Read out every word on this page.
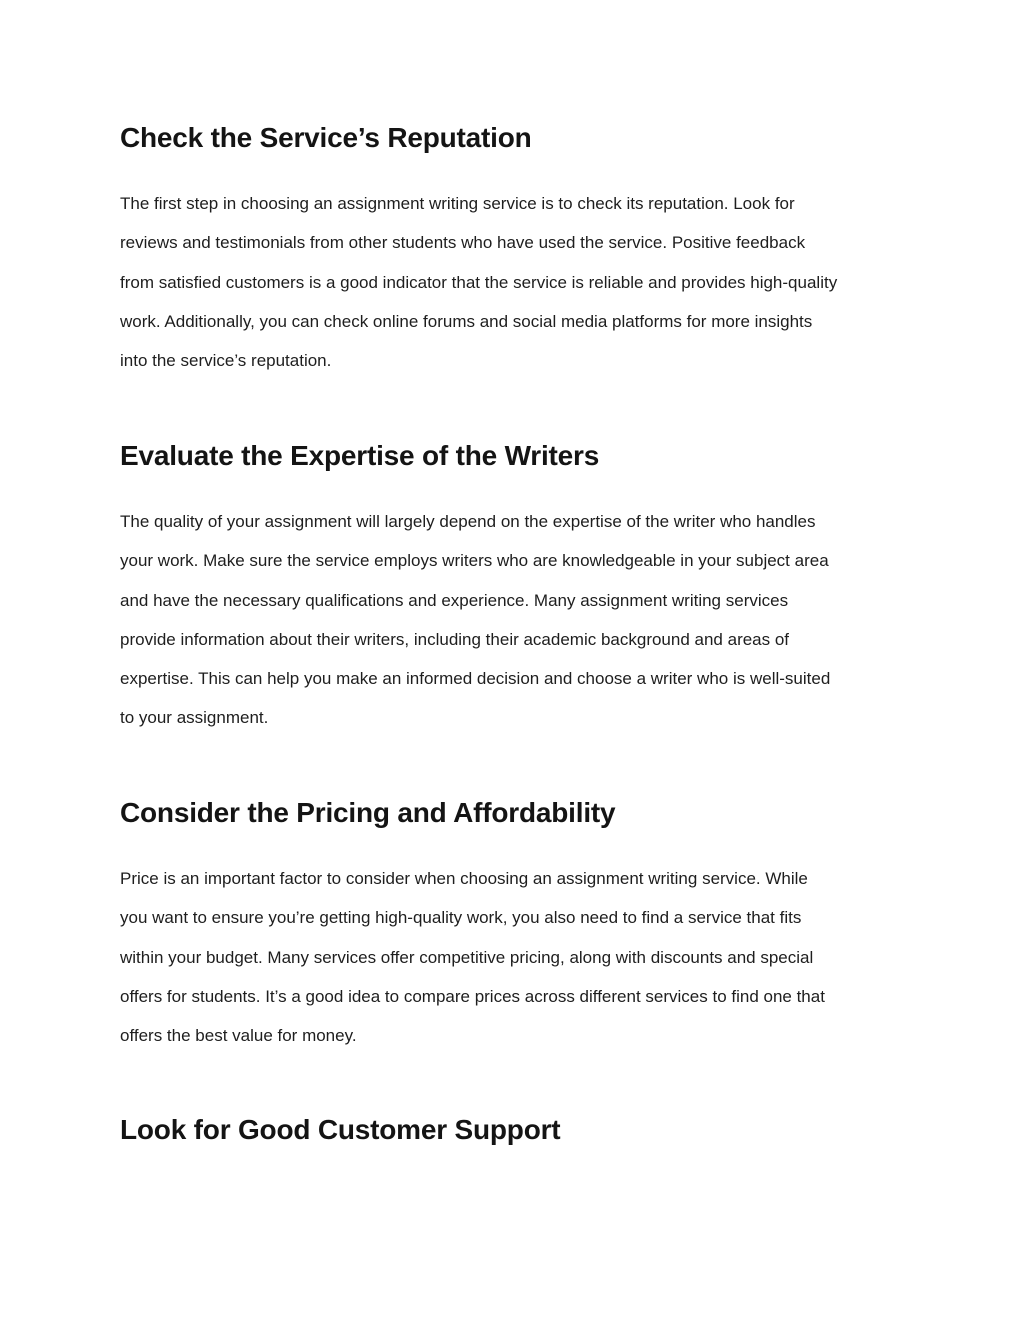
Check the Service’s Reputation
The first step in choosing an assignment writing service is to check its reputation. Look for
reviews and testimonials from other students who have used the service. Positive feedback
from satisfied customers is a good indicator that the service is reliable and provides high-quality
work. Additionally, you can check online forums and social media platforms for more insights
into the service’s reputation.
Evaluate the Expertise of the Writers
The quality of your assignment will largely depend on the expertise of the writer who handles
your work. Make sure the service employs writers who are knowledgeable in your subject area
and have the necessary qualifications and experience. Many assignment writing services
provide information about their writers, including their academic background and areas of
expertise. This can help you make an informed decision and choose a writer who is well-suited
to your assignment.
Consider the Pricing and Affordability
Price is an important factor to consider when choosing an assignment writing service. While
you want to ensure you’re getting high-quality work, you also need to find a service that fits
within your budget. Many services offer competitive pricing, along with discounts and special
offers for students. It’s a good idea to compare prices across different services to find one that
offers the best value for money.
Look for Good Customer Support
